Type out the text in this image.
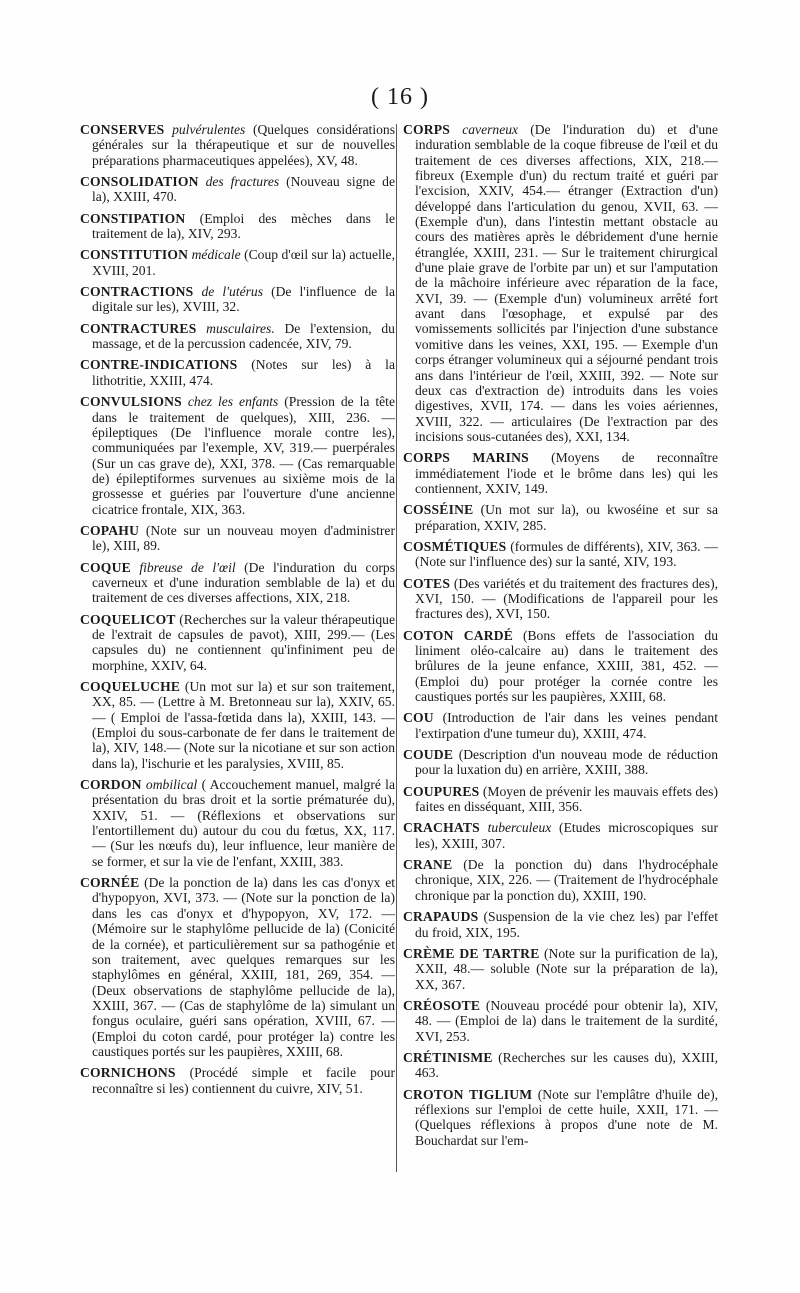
( 16 )

CONSERVES pulvérulentes (Quelques considérations générales sur la thérapeutique et sur de nouvelles préparations pharmaceutiques appelées), XV, 48.

CONSOLIDATION des fractures (Nouveau signe de la), XXIII, 470.

CONSTIPATION (Emploi des mèches dans le traitement de la), XIV, 293.

CONSTITUTION médicale (Coup d'œil sur la) actuelle, XVIII, 201.

CONTRACTIONS de l'utérus (De l'influence de la digitale sur les), XVIII, 32.

CONTRACTURES musculaires. De l'extension, du massage, et de la percussion cadencée, XIV, 79.

CONTRE-INDICATIONS (Notes sur les) à la lithotritie, XXIII, 474.

CONVULSIONS chez les enfants (Pression de la tête dans le traitement de quelques), XIII, 236. — épileptiques (De l'influence morale contre les), communiquées par l'exemple, XV, 319.— puerpérales (Sur un cas grave de), XXI, 378. — (Cas remarquable de) épileptiformes survenues au sixième mois de la grossesse et guéries par l'ouverture d'une ancienne cicatrice frontale, XIX, 363.

COPAHU (Note sur un nouveau moyen d'administrer le), XIII, 89.

COQUE fibreuse de l'œil (De l'induration du corps caverneux et d'une induration semblable de la) et du traitement de ces diverses affections, XIX, 218.

COQUELICOT (Recherches sur la valeur thérapeutique de l'extrait de capsules de pavot), XIII, 299.— (Les capsules du) ne contiennent qu'infiniment peu de morphine, XXIV, 64.

COQUELUCHE (Un mot sur la) et sur son traitement, XX, 85. — (Lettre à M. Bretonneau sur la), XXIV, 65. — ( Emploi de l'assa-fœtida dans la), XXIII, 143. — (Emploi du sous-carbonate de fer dans le traitement de la), XIV, 148.— (Note sur la nicotiane et sur son action dans la), l'ischurie et les paralysies, XVIII, 85.

CORDON ombilical ( Accouchement manuel, malgré la présentation du bras droit et la sortie prématurée du), XXIV, 51. — (Réflexions et observations sur l'entortillement du) autour du cou du fœtus, XX, 117. — (Sur les nœufs du), leur influence, leur manière de se former, et sur la vie de l'enfant, XXIII, 383.

CORNÉE (De la ponction de la) dans les cas d'onyx et d'hypopyon, XVI, 373. — (Note sur la ponction de la) dans les cas d'onyx et d'hypopyon, XV, 172. — (Mémoire sur le staphylôme pellucide de la) (Conicité de la cornée), et particulièrement sur sa pathogénie et son traitement, avec quelques remarques sur les staphylômes en général, XXIII, 181, 269, 354. — (Deux observations de staphylôme pellucide de la), XXIII, 367. — (Cas de staphylôme de la) simulant un fongus oculaire, guéri sans opération, XVIII, 67. — (Emploi du coton cardé, pour protéger la) contre les caustiques portés sur les paupières, XXIII, 68.

CORNICHONS (Procédé simple et facile pour reconnaître si les) contiennent du cuivre, XIV, 51.

CORPS caverneux (De l'induration du) et d'une induration semblable de la coque fibreuse de l'œil et du traitement de ces diverses affections, XIX, 218.— fibreux (Exemple d'un) du rectum traité et guéri par l'excision, XXIV, 454.— étranger (Extraction d'un) développé dans l'articulation du genou, XVII, 63. — (Exemple d'un), dans l'intestin mettant obstacle au cours des matières après le débridement d'une hernie étranglée, XXIII, 231. — Sur le traitement chirurgical d'une plaie grave de l'orbite par un) et sur l'amputation de la mâchoire inférieure avec réparation de la face, XVI, 39. — (Exemple d'un) volumineux arrêté fort avant dans l'œsophage, et expulsé par des vomissements sollicités par l'injection d'une substance vomitive dans les veines, XXI, 195. — Exemple d'un corps étranger volumineux qui a séjourné pendant trois ans dans l'intérieur de l'œil, XXIII, 392. — Note sur deux cas d'extraction de) introduits dans les voies digestives, XVII, 174. — dans les voies aériennes, XVIII, 322. — articulaires (De l'extraction par des incisions sous-cutanées des), XXI, 134.

CORPS MARINS (Moyens de reconnaître immédiatement l'iode et le brôme dans les) qui les contiennent, XXIV, 149.

COSSÉINE (Un mot sur la), ou kwoséine et sur sa préparation, XXIV, 285.

COSMÉTIQUES (formules de différents), XIV, 363. — (Note sur l'influence des) sur la santé, XIV, 193.

COTES (Des variétés et du traitement des fractures des), XVI, 150. — (Modifications de l'appareil pour les fractures des), XVI, 150.

COTON CARDÉ (Bons effets de l'association du liniment oléo-calcaire au) dans le traitement des brûlures de la jeune enfance, XXIII, 381, 452. — (Emploi du) pour protéger la cornée contre les caustiques portés sur les paupières, XXIII, 68.

COU (Introduction de l'air dans les veines pendant l'extirpation d'une tumeur du), XXIII, 474.

COUDE (Description d'un nouveau mode de réduction pour la luxation du) en arrière, XXIII, 388.

COUPURES (Moyen de prévenir les mauvais effets des) faites en disséquant, XIII, 356.

CRACHATS tuberculeux (Etudes microscopiques sur les), XXIII, 307.

CRANE (De la ponction du) dans l'hydrocéphale chronique, XIX, 226. — (Traitement de l'hydrocéphale chronique par la ponction du), XXIII, 190.

CRAPAUDS (Suspension de la vie chez les) par l'effet du froid, XIX, 195.

CRÈME DE TARTRE (Note sur la purification de la), XXII, 48.— soluble (Note sur la préparation de la), XX, 367.

CRÉOSOTE (Nouveau procédé pour obtenir la), XIV, 48. — (Emploi de la) dans le traitement de la surdité, XVI, 253.

CRÉTINISME (Recherches sur les causes du), XXIII, 463.

CROTON TIGLIUM (Note sur l'emplâtre d'huile de), réflexions sur l'emploi de cette huile, XXII, 171. — (Quelques réflexions à propos d'une note de M. Bouchardat sur l'em-
